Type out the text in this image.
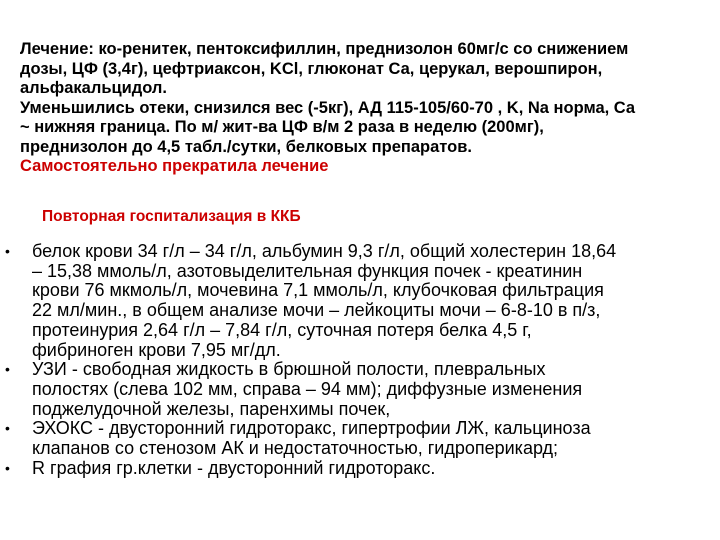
Лечение: ко-ренитек, пентоксифиллин, преднизолон 60мг/с со снижением
дозы, ЦФ (3,4г), цефтриаксон, KCl, глюконат Са, церукал, верошпирон,
альфакальцидол.
Уменьшились отеки, снизился вес (-5кг), АД 115-105/60-70 , K, Na норма, Са
~ нижняя граница. По м/ жит-ва ЦФ в/м 2 раза в неделю (200мг),
преднизолон до 4,5 табл./сутки, белковых препаратов.
Самостоятельно прекратила лечение
Повторная госпитализация в ККБ
• белок крови 34 г/л – 34 г/л, альбумин 9,3 г/л, общий холестерин 18,64
– 15,38 ммоль/л, азотовыделительная функция почек - креатинин
крови 76 мкмоль/л, мочевина 7,1 ммоль/л, клубочковая фильтрация
22 мл/мин., в общем анализе мочи – лейкоциты мочи – 6-8-10 в п/з,
протеинурия 2,64 г/л – 7,84 г/л, суточная потеря белка 4,5 г,
фибриноген крови 7,95 мг/дл.
• УЗИ - свободная жидкость в брюшной полости, плевральных
полостях (слева 102 мм, справа – 94 мм); диффузные изменения
поджелудочной железы, паренхимы почек,
• ЭХОКС - двусторонний гидроторакс, гипертрофии ЛЖ, кальциноза
клапанов со стенозом АК и недостаточностью, гидроперикард;
• R графия гр.клетки - двусторонний гидроторакс.
